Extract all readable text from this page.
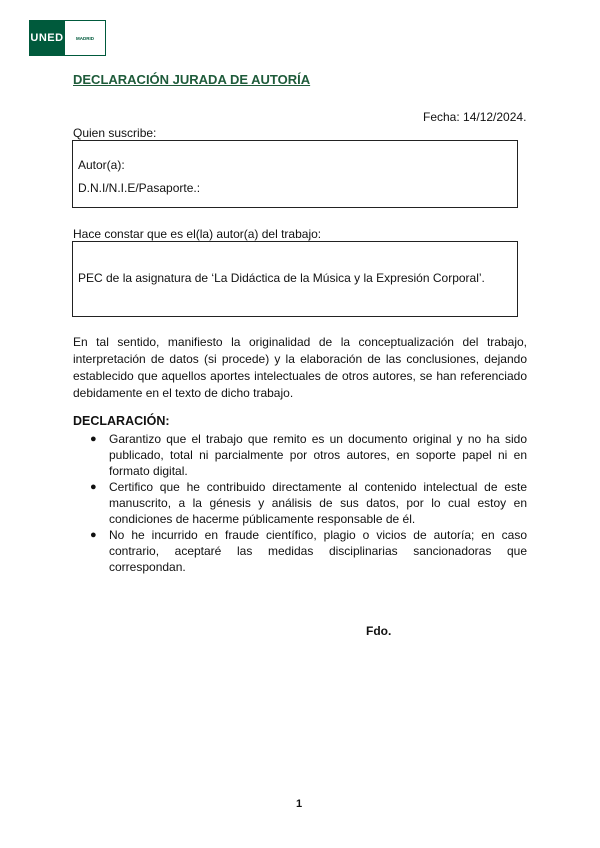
UNED	MADRID
DECLARACIÓN JURADA DE AUTORÍA
Fecha: 14/12/2024.
Quien suscribe:
Autor(a):
D.N.I/N.I.E/Pasaporte.:
Hace constar que es el(la) autor(a) del trabajo:
PEC de la asignatura de ‘La Didáctica de la Música y la Expresión Corporal’.

En tal sentido, manifiesto la originalidad de la conceptualización del trabajo, interpretación de datos (si procede) y la elaboración de las conclusiones, dejando establecido que aquellos aportes intelectuales de otros autores, se han referenciado debidamente en el texto de dicho trabajo.

DECLARACIÓN:
● Garantizo que el trabajo que remito es un documento original y no ha sido publicado, total ni parcialmente por otros autores, en soporte papel ni en formato digital.
● Certifico que he contribuido directamente al contenido intelectual de este manuscrito, a la génesis y análisis de sus datos, por lo cual estoy en condiciones de hacerme públicamente responsable de él.
● No he incurrido en fraude científico, plagio o vicios de autoría; en caso contrario, aceptaré las medidas disciplinarias sancionadoras que correspondan.
Fdo.
1
